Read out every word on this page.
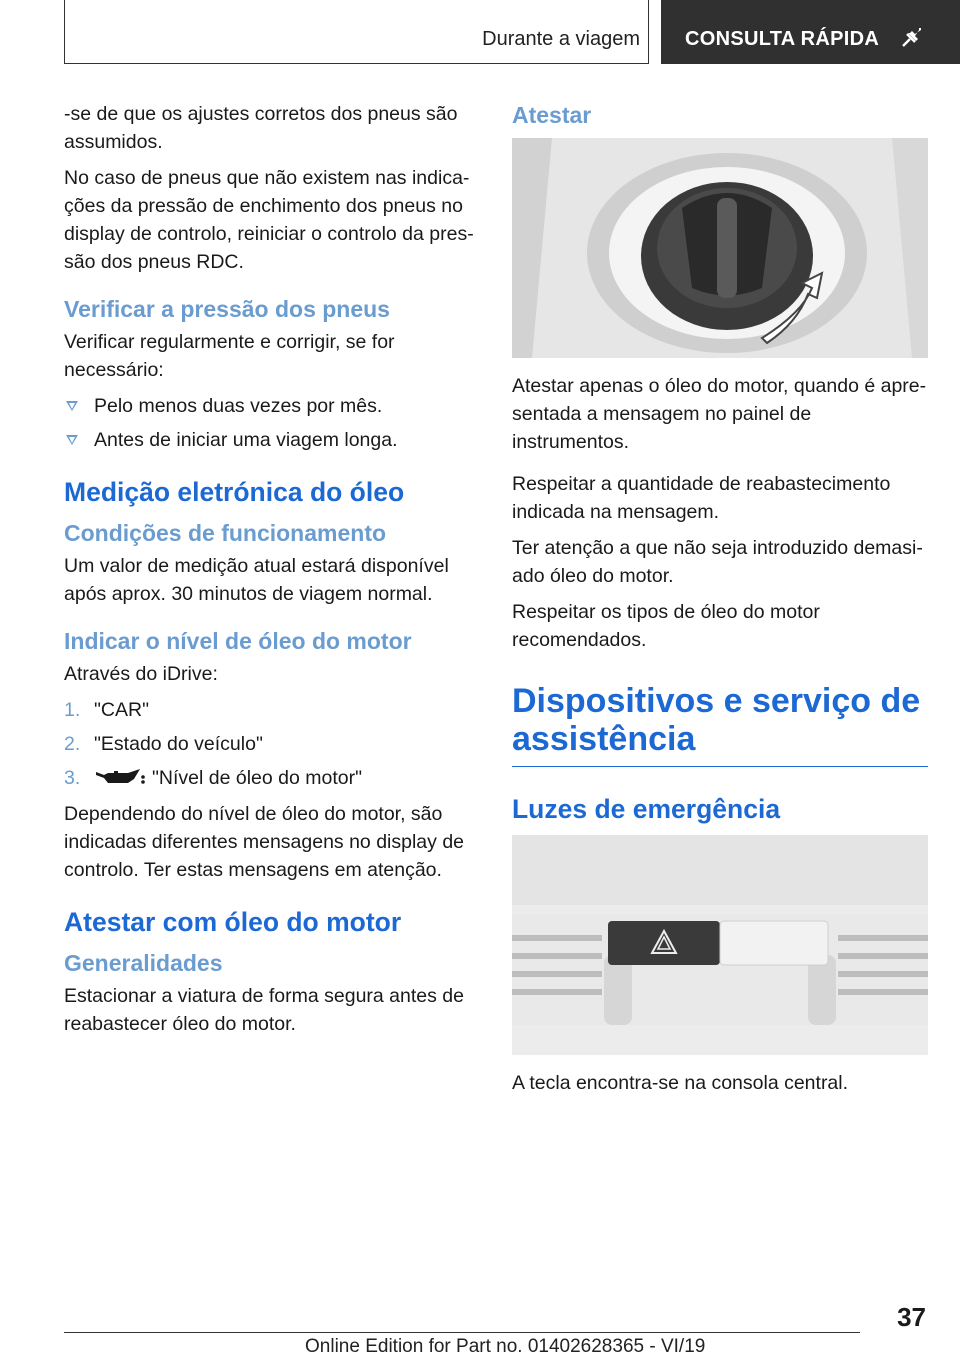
Durante a viagem CONSULTA RÁPIDA

-se de que os ajustes corretos dos pneus são assumidos.

No caso de pneus que não existem nas indicações da pressão de enchimento dos pneus no display de controlo, reiniciar o controlo da pressão dos pneus RDC.

Verificar a pressão dos pneus

Verificar regularmente e corrigir, se for necessário:

Pelo menos duas vezes por mês.
Antes de iniciar uma viagem longa.
Medição eletrónica do óleo
Condições de funcionamento

Um valor de medição atual estará disponível após aprox. 30 minutos de viagem normal.

Indicar o nível de óleo do motor

Através do iDrive:

1. "CAR"
2. "Estado do veículo"
3.	"Nível de óleo do motor"

Dependendo do nível de óleo do motor, são indicadas diferentes mensagens no display de controlo. Ter estas mensagens em atenção.

Atestar com óleo do motor
Generalidades

Estacionar a viatura de forma segura antes de reabastecer óleo do motor.

Atestar

Atestar apenas o óleo do motor, quando é apresentada a mensagem no painel de instrumentos.

Respeitar a quantidade de reabastecimento indicada na mensagem.

Ter atenção a que não seja introduzido demasiado óleo do motor.

Respeitar os tipos de óleo do motor recomendados.

Dispositivos e serviço de assistência
Luzes de emergência

A tecla encontra-se na consola central.

37
Online Edition for Part no. 01402628365 - VI/19
